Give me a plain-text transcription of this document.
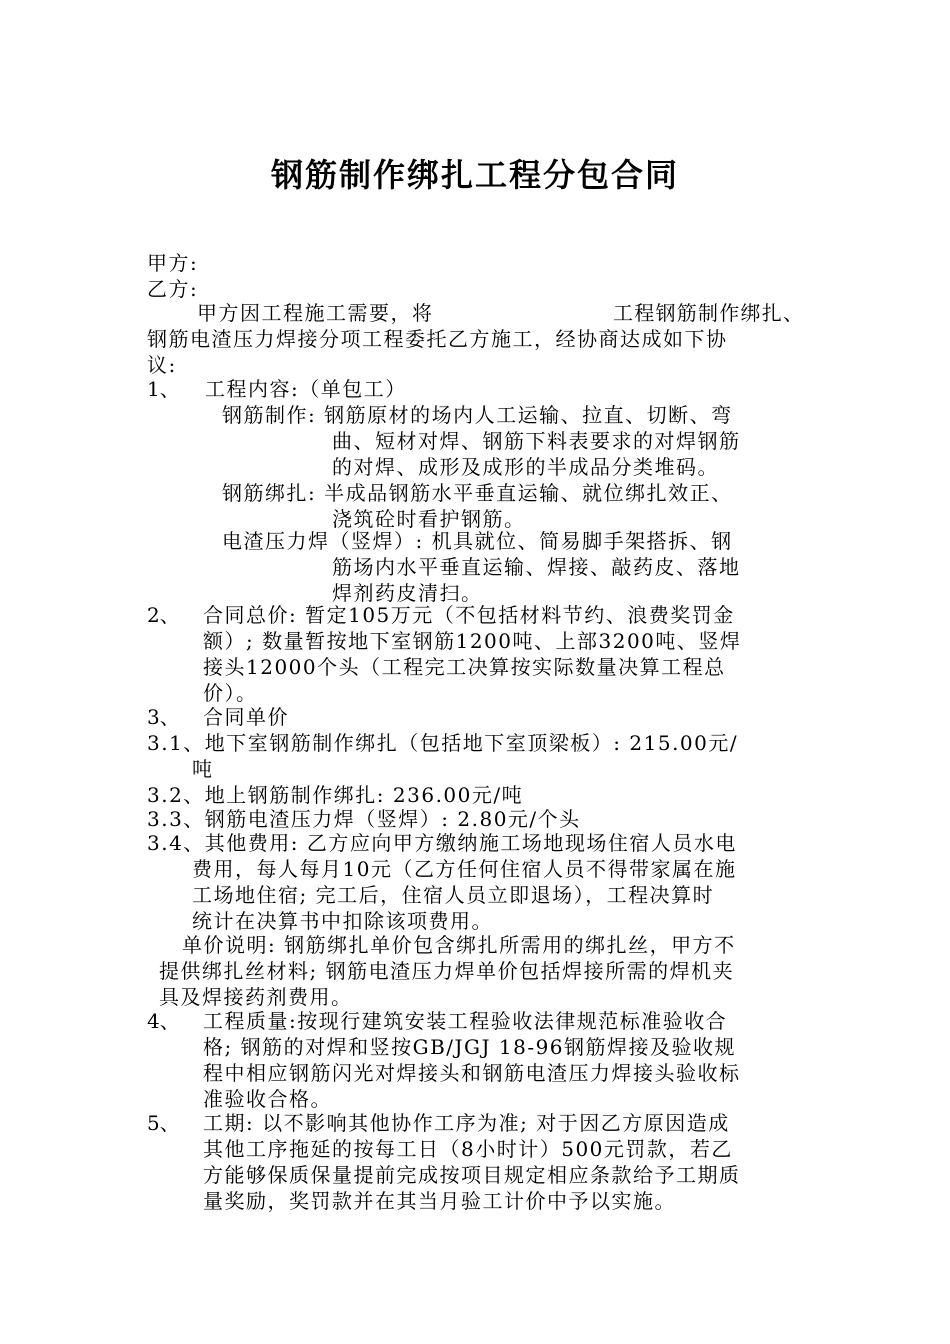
钢筋制作绑扎工程分包合同
甲方:
乙方:
甲方因工程施工需要，将	工程钢筋制作绑扎、
钢筋电渣压力焊接分项工程委托乙方施工，经协商达成如下协
议:
1、 工程内容:（单包工）
钢筋制作: 钢筋原材的场内人工运输、拉直、切断、弯
曲、短材对焊、钢筋下料表要求的对焊钢筋
的对焊、成形及成形的半成品分类堆码。
钢筋绑扎: 半成品钢筋水平垂直运输、就位绑扎效正、
浇筑砼时看护钢筋。
电渣压力焊（竖焊）: 机具就位、简易脚手架搭拆、钢
筋场内水平垂直运输、焊接、敲药皮、落地
焊剂药皮清扫。
2、 合同总价: 暂定105万元（不包括材料节约、浪费奖罚金
额）; 数量暂按地下室钢筋1200吨、上部3200吨、竖焊
接头12000个头（工程完工决算按实际数量决算工程总
价）。
3、 合同单价
3.1、地下室钢筋制作绑扎（包括地下室顶梁板）: 215.00元/
吨
3.2、地上钢筋制作绑扎: 236.00元/吨
3.3、钢筋电渣压力焊（竖焊）: 2.80元/个头
3.4、其他费用: 乙方应向甲方缴纳施工场地现场住宿人员水电
费用，每人每月10元（乙方任何住宿人员不得带家属在施
工场地住宿; 完工后，住宿人员立即退场），工程决算时
统计在决算书中扣除该项费用。
单价说明: 钢筋绑扎单价包含绑扎所需用的绑扎丝，甲方不
提供绑扎丝材料; 钢筋电渣压力焊单价包括焊接所需的焊机夹
具及焊接药剂费用。
4、 工程质量:按现行建筑安装工程验收法律规范标准验收合
格; 钢筋的对焊和竖按GB/JGJ 18-96钢筋焊接及验收规
程中相应钢筋闪光对焊接头和钢筋电渣压力焊接头验收标
准验收合格。
5、 工期: 以不影响其他协作工序为准; 对于因乙方原因造成
其他工序拖延的按每工日（8小时计）500元罚款，若乙
方能够保质保量提前完成按项目规定相应条款给予工期质
量奖励，奖罚款并在其当月验工计价中予以实施。
